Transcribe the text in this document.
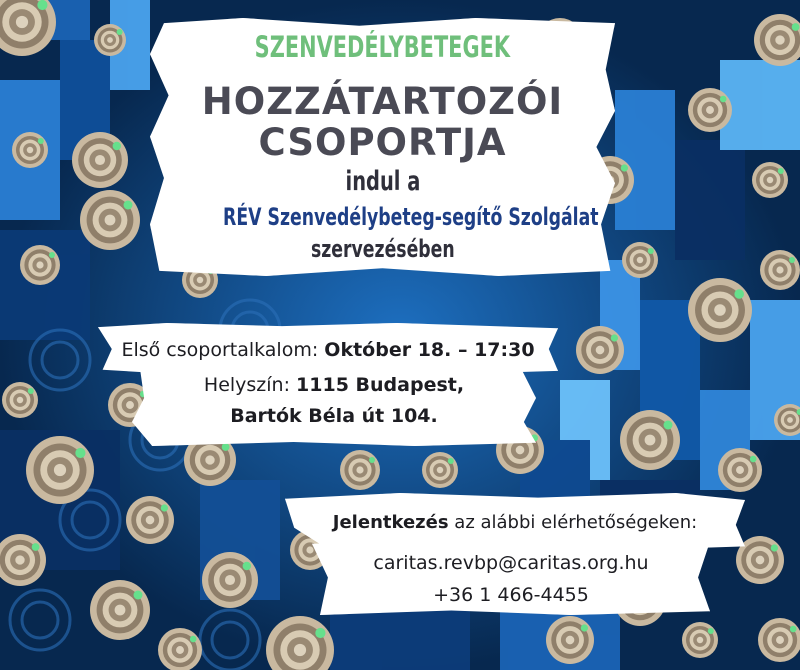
SZENVEDÉLYBETEGEK
HOZZÁTARTOZÓI
CSOPORTJA
indul a
RÉV Szenvedélybeteg-segítő Szolgálat
szervezésében
Első csoportalkalom: Október 18. – 17:30
Helyszín: 1115 Budapest,
Bartók Béla út 104.
Jelentkezés az alábbi elérhetőségeken:
caritas.revbp@caritas.org.hu
+36 1 466-4455
